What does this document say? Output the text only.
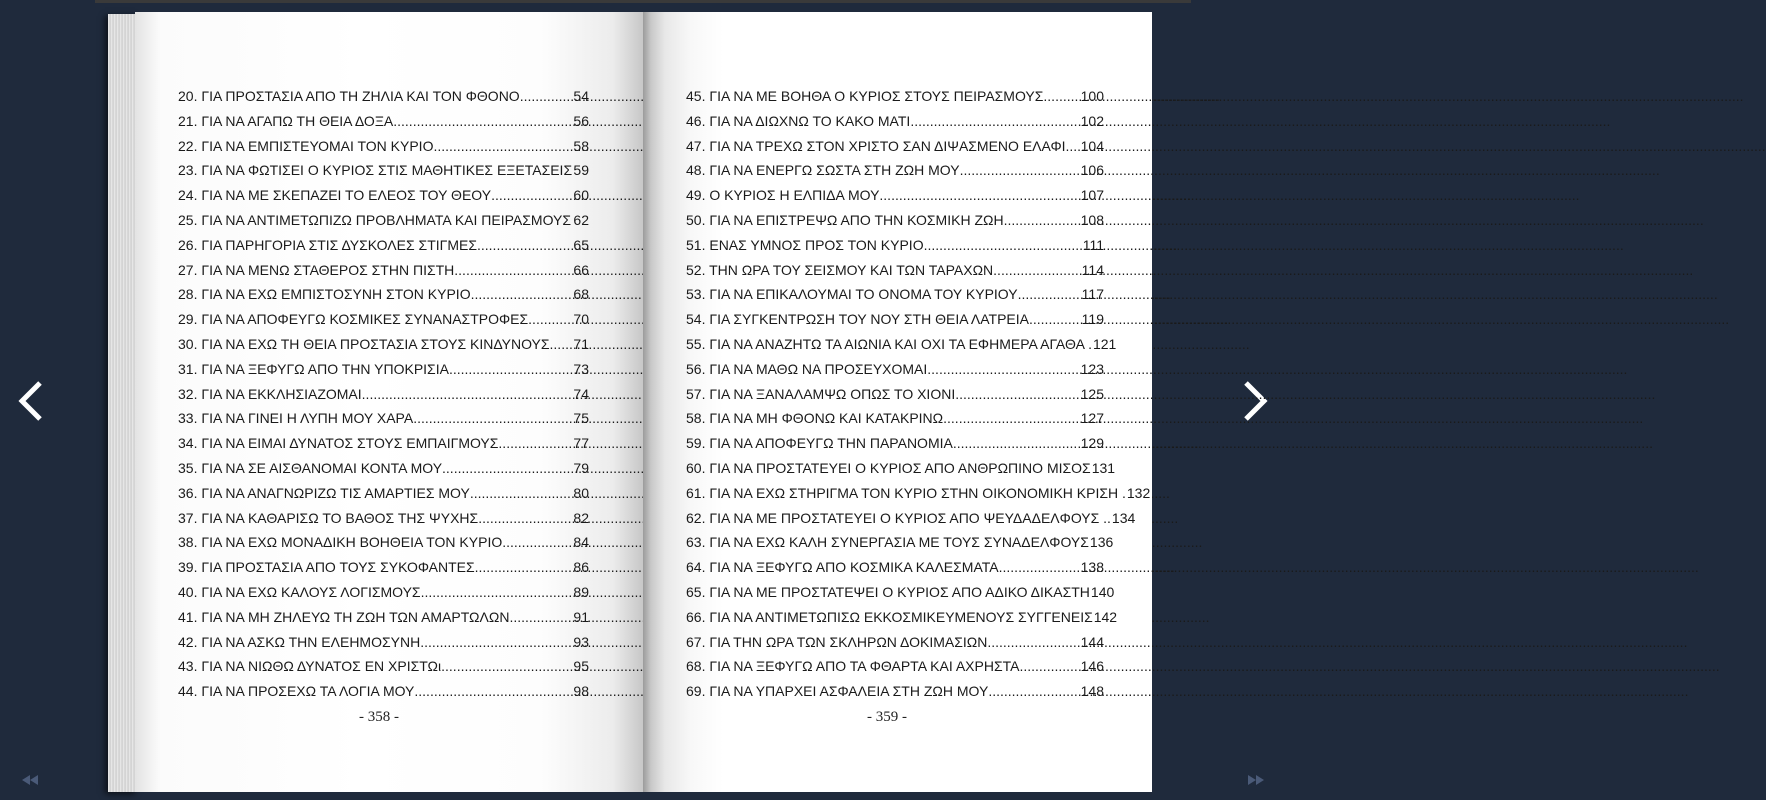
20. ΓΙΑ ΠΡΟΣΤΑΣΙΑ ΑΠΟ ΤΗ ΖΗΛΙΑ ΚΑΙ ΤΟΝ ΦΘΟΝΟ .....	54
21. ΓΙΑ ΝΑ ΑΓΑΠΩ ΤΗ ΘΕΙΑ ΔΟΞΑ .....	56
22. ΓΙΑ ΝΑ ΕΜΠΙΣΤΕΥΟΜΑΙ ΤΟΝ ΚΥΡΙΟ. .....	58
23. ΓΙΑ ΝΑ ΦΩΤΙΣΕΙ Ο ΚΥΡΙΟΣ ΣΤΙΣ ΜΑΘΗΤΙΚΕΣ ΕΞΕΤΑΣΕΙΣ ..... 59
24. ΓΙΑ ΝΑ ΜΕ ΣΚΕΠΑΖΕΙ ΤΟ ΕΛΕΟΣ ΤΟΥ ΘΕΟΥ .....	60
25. ΓΙΑ ΝΑ ΑΝΤΙΜΕΤΩΠΙΖΩ ΠΡΟΒΛΗΜΑΤΑ ΚΑΙ ΠΕΙΡΑΣΜΟΥΣ ..... 62
26. ΓΙΑ ΠΑΡΗΓΟΡΙΑ ΣΤΙΣ ΔΥΣΚΟΛΕΣ ΣΤΙΓΜΕΣ .....	65
27. ΓΙΑ ΝΑ ΜΕΝΩ ΣΤΑΘΕΡΟΣ ΣΤΗΝ ΠΙΣΤΗ .....	66
28. ΓΙΑ ΝΑ ΕΧΩ ΕΜΠΙΣΤΟΣΥΝΗ ΣΤΟΝ ΚΥΡΙΟ .....	68
29. ΓΙΑ ΝΑ ΑΠΟΦΕΥΓΩ ΚΟΣΜΙΚΕΣ ΣΥΝΑΝΑΣΤΡΟΦΕΣ .....	70
30. ΓΙΑ ΝΑ ΕΧΩ ΤΗ ΘΕΙΑ ΠΡΟΣΤΑΣΙΑ ΣΤΟΥΣ ΚΙΝΔΥΝΟΥΣ ..... 71
31. ΓΙΑ ΝΑ ΞΕΦΥΓΩ ΑΠΟ ΤΗΝ ΥΠΟΚΡΙΣΙΑ .....	73
32. ΓΙΑ ΝΑ ΕΚΚΛΗΣΙΑΖΟΜΑΙ .....	74
33. ΓΙΑ ΝΑ ΓΙΝΕΙ Η ΛΥΠΗ ΜΟΥ ΧΑΡΑ .....	75
34. ΓΙΑ ΝΑ ΕΙΜΑΙ ΔΥΝΑΤΟΣ ΣΤΟΥΣ ΕΜΠΑΙΓΜΟΥΣ .....	77
35. ΓΙΑ ΝΑ ΣΕ ΑΙΣΘΑΝΟΜΑΙ ΚΟΝΤΑ ΜΟΥ .....	79
36. ΓΙΑ ΝΑ ΑΝΑΓΝΩΡΙΖΩ ΤΙΣ ΑΜΑΡΤΙΕΣ ΜΟΥ .....	80
37. ΓΙΑ ΝΑ ΚΑΘΑΡΙΣΩ ΤΟ ΒΑΘΟΣ ΤΗΣ ΨΥΧΗΣ .....	82
38. ΓΙΑ ΝΑ ΕΧΩ ΜΟΝΑΔΙΚΗ ΒΟΗΘΕΙΑ ΤΟΝ ΚΥΡΙΟ .....	84
39. ΓΙΑ ΠΡΟΣΤΑΣΙΑ ΑΠΟ ΤΟΥΣ ΣΥΚΟΦΑΝΤΕΣ .....	86
40. ΓΙΑ ΝΑ ΕΧΩ ΚΑΛΟΥΣ ΛΟΓΙΣΜΟΥΣ .....	89
41. ΓΙΑ ΝΑ ΜΗ ΖΗΛΕΥΩ ΤΗ ΖΩΗ ΤΩΝ ΑΜΑΡΤΩΛΩΝ .....	91
42. ΓΙΑ ΝΑ ΑΣΚΩ ΤΗΝ ΕΛΕΗΜΟΣΥΝΗ .....	93
43. ΓΙΑ ΝΑ ΝΙΩΘΩ ΔΥΝΑΤΟΣ ΕΝ ΧΡΙΣΤΩι .....	95
44. ΓΙΑ ΝΑ ΠΡΟΣΕΧΩ ΤΑ ΛΟΓΙΑ ΜΟΥ .....	98
- 358 -
45. ΓΙΑ ΝΑ ΜΕ ΒΟΗΘΑ Ο ΚΥΡΙΟΣ ΣΤΟΥΣ ΠΕΙΡΑΣΜΟΥΣ .....	100
46. ΓΙΑ ΝΑ ΔΙΩΧΝΩ ΤΟ ΚΑΚΟ ΜΑΤΙ .....	102
47. ΓΙΑ ΝΑ ΤΡΕΧΩ ΣΤΟΝ ΧΡΙΣΤΟ ΣΑΝ ΔΙΨΑΣΜΕΝΟ ΕΛΑΦΙ ..... 104
48. ΓΙΑ ΝΑ ΕΝΕΡΓΩ ΣΩΣΤΑ ΣΤΗ ΖΩΗ ΜΟΥ .....	106
49. Ο ΚΥΡΙΟΣ Η ΕΛΠΙΔΑ ΜΟΥ .....	107
50. ΓΙΑ ΝΑ ΕΠΙΣΤΡΕΨΩ ΑΠΟ ΤΗΝ ΚΟΣΜΙΚΗ ΖΩΗ .....	108
51. ΕΝΑΣ ΥΜΝΟΣ ΠΡΟΣ ΤΟΝ ΚΥΡΙΟ .....	111
52. ΤΗΝ ΩΡΑ ΤΟΥ ΣΕΙΣΜΟΥ ΚΑΙ ΤΩΝ ΤΑΡΑΧΩΝ .....	114
53. ΓΙΑ ΝΑ ΕΠΙΚΑΛΟΥΜΑΙ ΤΟ ΟΝΟΜΑ ΤΟΥ ΚΥΡΙΟΥ .....	117
54. ΓΙΑ ΣΥΓΚΕΝΤΡΩΣΗ ΤΟΥ ΝΟΥ ΣΤΗ ΘΕΙΑ ΛΑΤΡΕΙΑ .....	119
55. ΓΙΑ ΝΑ ΑΝΑΖΗΤΩ ΤΑ ΑΙΩΝΙΑ ΚΑΙ ΟΧΙ ΤΑ ΕΦΗΜΕΡΑ ΑΓΑΘΑ . 121
56. ΓΙΑ ΝΑ ΜΑΘΩ ΝΑ ΠΡΟΣΕΥΧΟΜΑΙ .....	123
57. ΓΙΑ ΝΑ ΞΑΝΑΛΑΜΨΩ ΟΠΩΣ ΤΟ ΧΙΟΝΙ .....	125
58. ΓΙΑ ΝΑ ΜΗ ΦΘΟΝΩ ΚΑΙ ΚΑΤΑΚΡΙΝΩ .....	127
59. ΓΙΑ ΝΑ ΑΠΟΦΕΥΓΩ ΤΗΝ ΠΑΡΑΝΟΜΙΑ .....	129
60. ΓΙΑ ΝΑ ΠΡΟΣΤΑΤΕΥΕΙ Ο ΚΥΡΙΟΣ ΑΠΟ ΑΝΘΡΩΠΙΝΟ ΜΙΣΟΣ 131
61. ΓΙΑ ΝΑ ΕΧΩ ΣΤΗΡΙΓΜΑ ΤΟΝ ΚΥΡΙΟ ΣΤΗΝ ΟΙΚΟΝΟΜΙΚΗ ΚΡΙΣΗ . 132
62. ΓΙΑ ΝΑ ΜΕ ΠΡΟΣΤΑΤΕΥΕΙ Ο ΚΥΡΙΟΣ ΑΠΟ ΨΕΥΔΑΔΕΛΦΟΥΣ .. 134
63. ΓΙΑ ΝΑ ΕΧΩ ΚΑΛΗ ΣΥΝΕΡΓΑΣΙΑ ΜΕ ΤΟΥΣ ΣΥΝΑΔΕΛΦΟΥΣ 136
64. ΓΙΑ ΝΑ ΞΕΦΥΓΩ ΑΠΟ ΚΟΣΜΙΚΑ ΚΑΛΕΣΜΑΤΑ .....	138
65. ΓΙΑ ΝΑ ΜΕ ΠΡΟΣΤΑΤΕΨΕΙ Ο ΚΥΡΙΟΣ ΑΠΟ ΑΔΙΚΟ ΔΙΚΑΣΤΗ 140
66. ΓΙΑ ΝΑ ΑΝΤΙΜΕΤΩΠΙΣΩ ΕΚΚΟΣΜΙΚΕΥΜΕΝΟΥΣ ΣΥΓΓΕΝΕΙΣ 142
67. ΓΙΑ ΤΗΝ ΩΡΑ ΤΩΝ ΣΚΛΗΡΩΝ ΔΟΚΙΜΑΣΙΩΝ .....	144
68. ΓΙΑ ΝΑ ΞΕΦΥΓΩ ΑΠΟ ΤΑ ΦΘΑΡΤΑ ΚΑΙ ΑΧΡΗΣΤΑ .....	146
69. ΓΙΑ ΝΑ ΥΠΑΡΧΕΙ ΑΣΦΑΛΕΙΑ ΣΤΗ ΖΩΗ ΜΟΥ .....	148
- 359 -
